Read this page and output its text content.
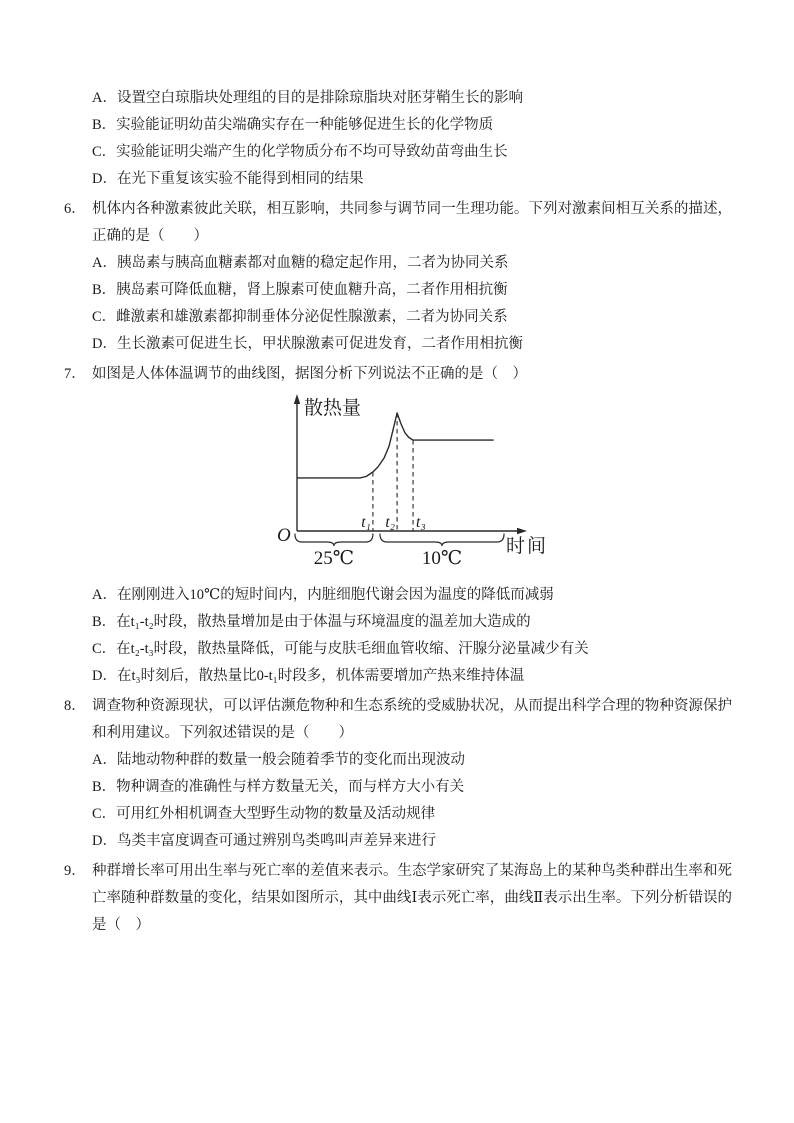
A．设置空白琼脂块处理组的目的是排除琼脂块对胚芽鞘生长的影响
B．实验能证明幼苗尖端确实存在一种能够促进生长的化学物质
C．实验能证明尖端产生的化学物质分布不均可导致幼苗弯曲生长
D．在光下重复该实验不能得到相同的结果
6． 机体内各种激素彼此关联，相互影响，共同参与调节同一生理功能。下列对激素间相互关系的描述，正确的是（　　）
A．胰岛素与胰高血糖素都对血糖的稳定起作用，二者为协同关系
B．胰岛素可降低血糖，肾上腺素可使血糖升高，二者作用相抗衡
C．雌激素和雄激素都抑制垂体分泌促性腺激素，二者为协同关系
D．生长激素可促进生长，甲状腺激素可促进发育，二者作用相抗衡
7． 如图是人体体温调节的曲线图，据图分析下列说法不正确的是（　）
散热量
时间
O
t₁ t₂ t₃
25℃	10℃
A．在刚刚进入10℃的短时间内，内脏细胞代谢会因为温度的降低而减弱
B．在t₁-t₂时段，散热量增加是由于体温与环境温度的温差加大造成的
C．在t₂-t₃时段，散热量降低，可能与皮肤毛细血管收缩、汗腺分泌量减少有关
D．在t₃时刻后，散热量比0-t₁时段多，机体需要增加产热来维持体温
8． 调查物种资源现状，可以评估濒危物种和生态系统的受威胁状况，从而提出科学合理的物种资源保护和利用建议。下列叙述错误的是（　　）
A．陆地动物种群的数量一般会随着季节的变化而出现波动
B．物种调查的准确性与样方数量无关，而与样方大小有关
C．可用红外相机调查大型野生动物的数量及活动规律
D．鸟类丰富度调查可通过辨别鸟类鸣叫声差异来进行
9． 种群增长率可用出生率与死亡率的差值来表示。生态学家研究了某海岛上的某种鸟类种群出生率和死亡率随种群数量的变化，结果如图所示，其中曲线Ⅰ表示死亡率，曲线Ⅱ表示出生率。下列分析错误的是（　）
